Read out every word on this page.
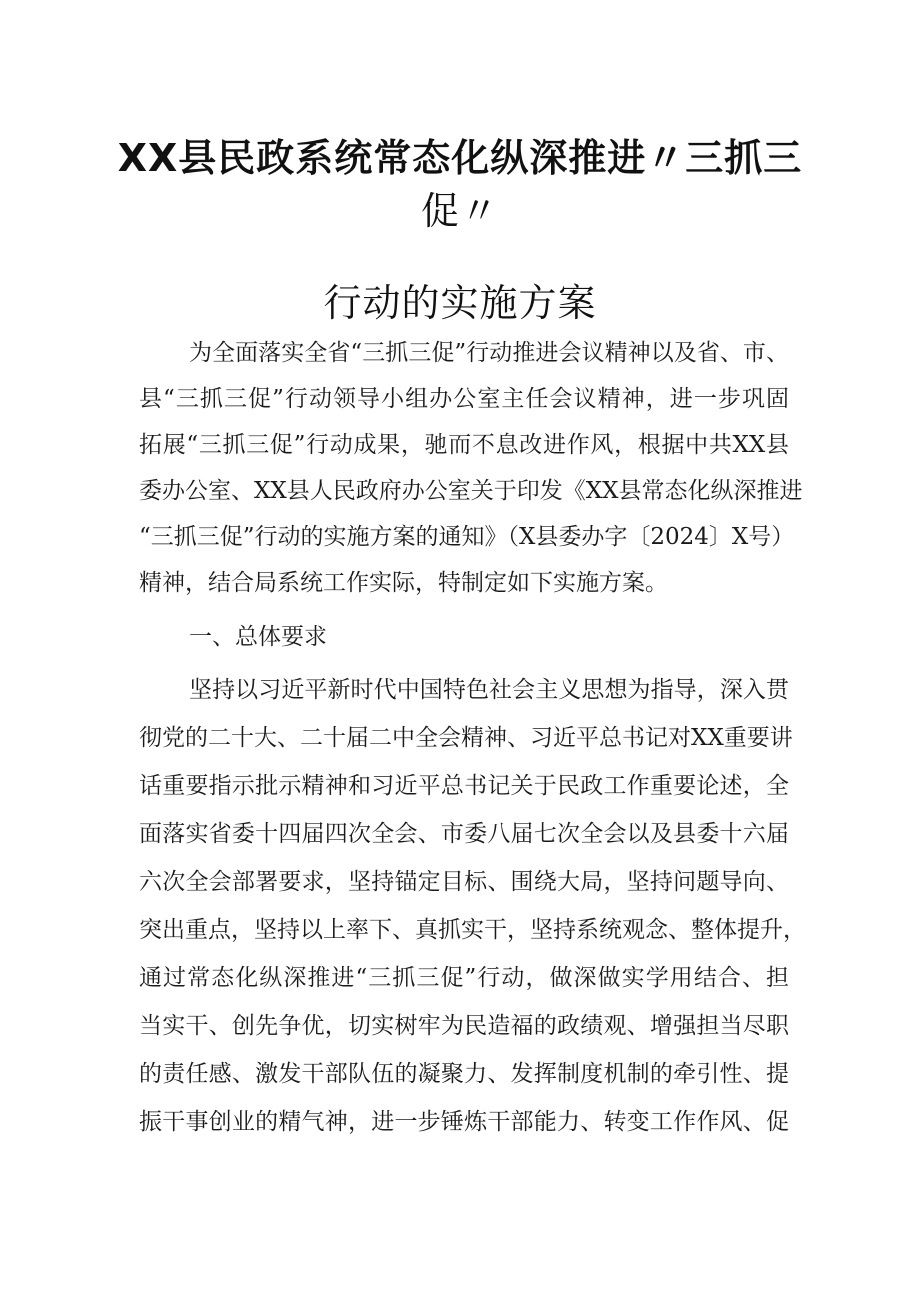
XX县民政系统常态化纵深推进〃三抓三
促〃
行动的实施方案

为全面落实全省“三抓三促”行动推进会议精神以及省、市、

县“三抓三促”行动领导小组办公室主任会议精神，进一步巩固

拓展“三抓三促”行动成果，驰而不息改进作风，根据中共XX县

委办公室、XX县人民政府办公室关于印发《XX县常态化纵深推进

“三抓三促”行动的实施方案的通知》（X县委办字〔2024〕X号）

精神，结合局系统工作实际，特制定如下实施方案。

一、总体要求

坚持以习近平新时代中国特色社会主义思想为指导，深入贯

彻党的二十大、二十届二中全会精神、习近平总书记对XX重要讲

话重要指示批示精神和习近平总书记关于民政工作重要论述，全

面落实省委十四届四次全会、市委八届七次全会以及县委十六届

六次全会部署要求，坚持锚定目标、围绕大局，坚持问题导向、

突出重点，坚持以上率下、真抓实干，坚持系统观念、整体提升，

通过常态化纵深推进“三抓三促”行动，做深做实学用结合、担

当实干、创先争优，切实树牢为民造福的政绩观、增强担当尽职

的责任感、激发干部队伍的凝聚力、发挥制度机制的牵引性、提

振干事创业的精气神，进一步锤炼干部能力、转变工作作风、促
